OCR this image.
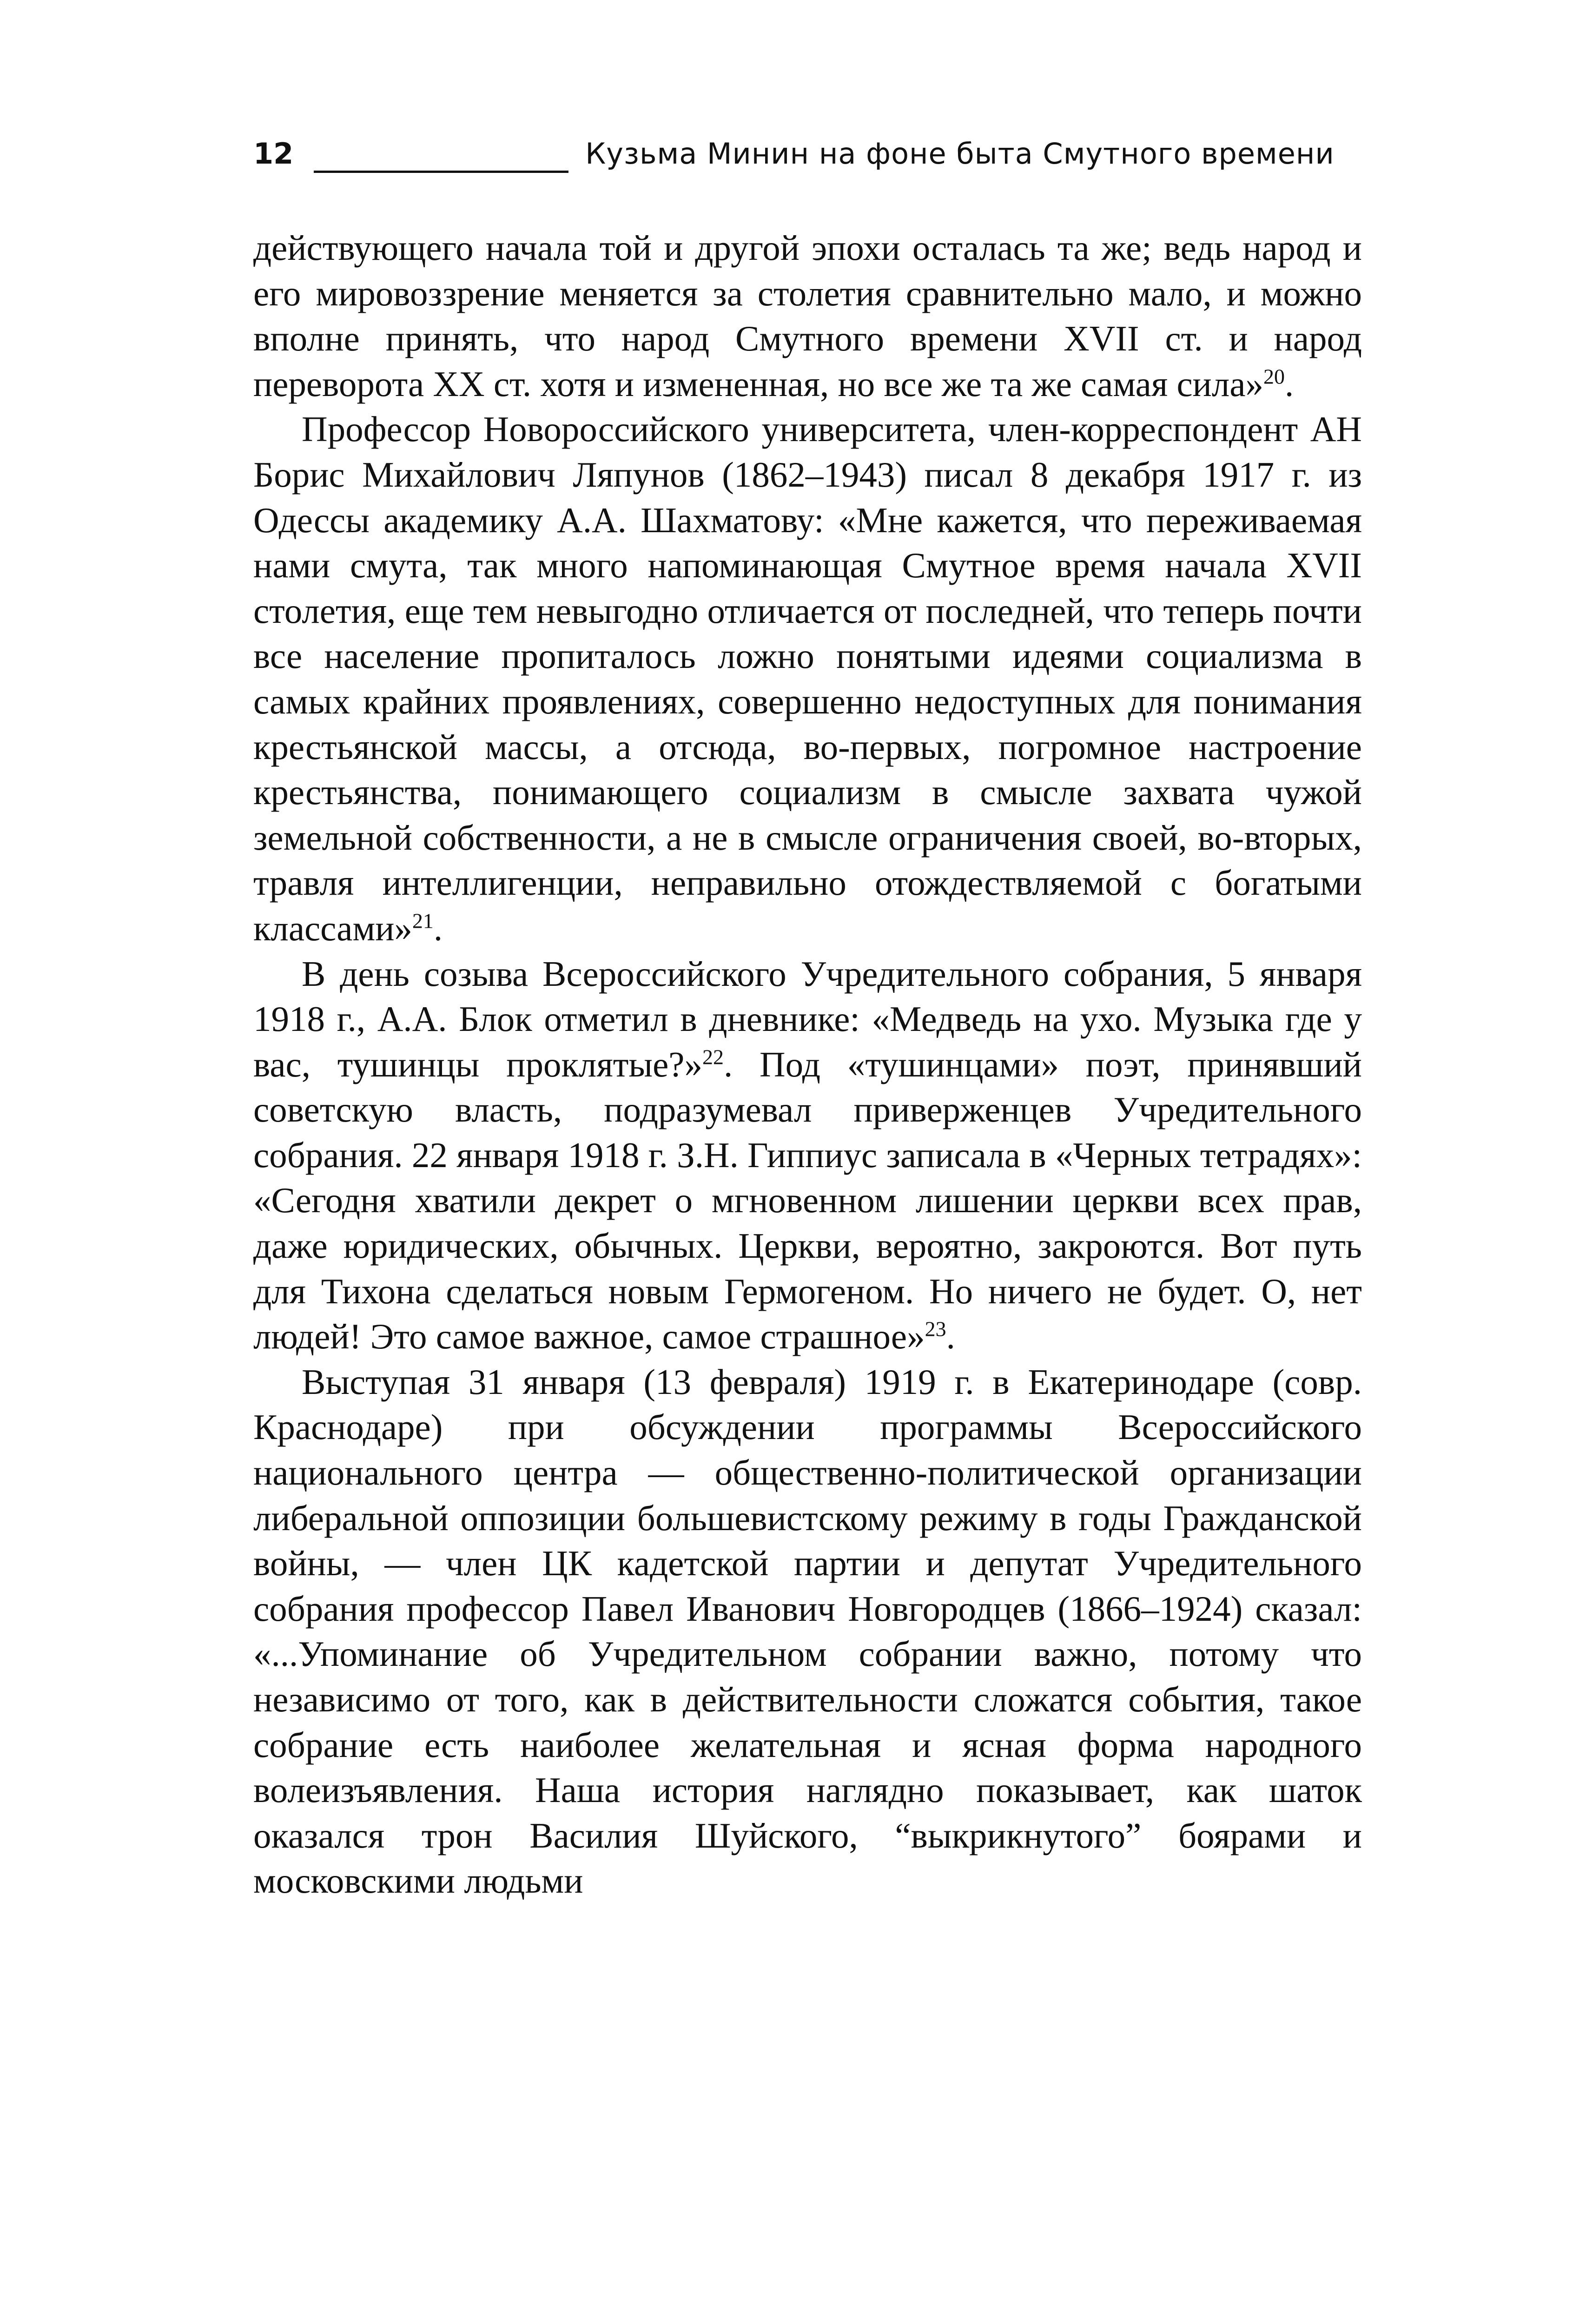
12	Кузьма Минин на фоне быта Смутного времени

действующего начала той и другой эпохи осталась та же; ведь народ и его мировоззрение меняется за столетия сравнительно мало, и можно вполне принять, что народ Смутного времени XVII ст. и народ переворота XX ст. хотя и измененная, но все же та же самая сила»$^{20}$.

Профессор Новороссийского университета, член-корреспондент АН Борис Михайлович Ляпунов (1862–1943) писал 8 декабря 1917 г. из Одессы академику А.А. Шахматову: «Мне кажется, что переживаемая нами смута, так много напоминающая Смутное время начала XVII столетия, еще тем невыгодно отличается от последней, что теперь почти все население пропиталось ложно понятыми идеями социализма в самых крайних проявлениях, совершенно недоступных для понимания крестьянской массы, а отсюда, во-первых, погромное настроение крестьянства, понимающего социализм в смысле захвата чужой земельной собственности, а не в смысле ограничения своей, во-вторых, травля интеллигенции, неправильно отождествляемой с богатыми классами»$^{21}$.

В день созыва Всероссийского Учредительного собрания, 5 января 1918 г., А.А. Блок отметил в дневнике: «Медведь на ухо. Музыка где у вас, тушинцы проклятые?»$^{22}$. Под «тушинцами» поэт, принявший советскую власть, подразумевал приверженцев Учредительного собрания. 22 января 1918 г. З.Н. Гиппиус записала в «Черных тетрадях»: «Сегодня хватили декрет о мгновенном лишении церкви всех прав, даже юридических, обычных. Церкви, вероятно, закроются. Вот путь для Тихона сделаться новым Гермогеном. Но ничего не будет. О, нет людей! Это самое важное, самое страшное»$^{23}$.

Выступая 31 января (13 февраля) 1919 г. в Екатеринодаре (совр. Краснодаре) при обсуждении программы Всероссийского национального центра — общественно-политической организации либеральной оппозиции большевистскому режиму в годы Гражданской войны, — член ЦК кадетской партии и депутат Учредительного собрания профессор Павел Иванович Новгородцев (1866–1924) сказал: «...Упоминание об Учредительном собрании важно, потому что независимо от того, как в действительности сложатся события, такое собрание есть наиболее желательная и ясная форма народного волеизъявления. Наша история наглядно показывает, как шаток оказался трон Василия Шуйского, “выкрикнутого” боярами и московскими людьми
